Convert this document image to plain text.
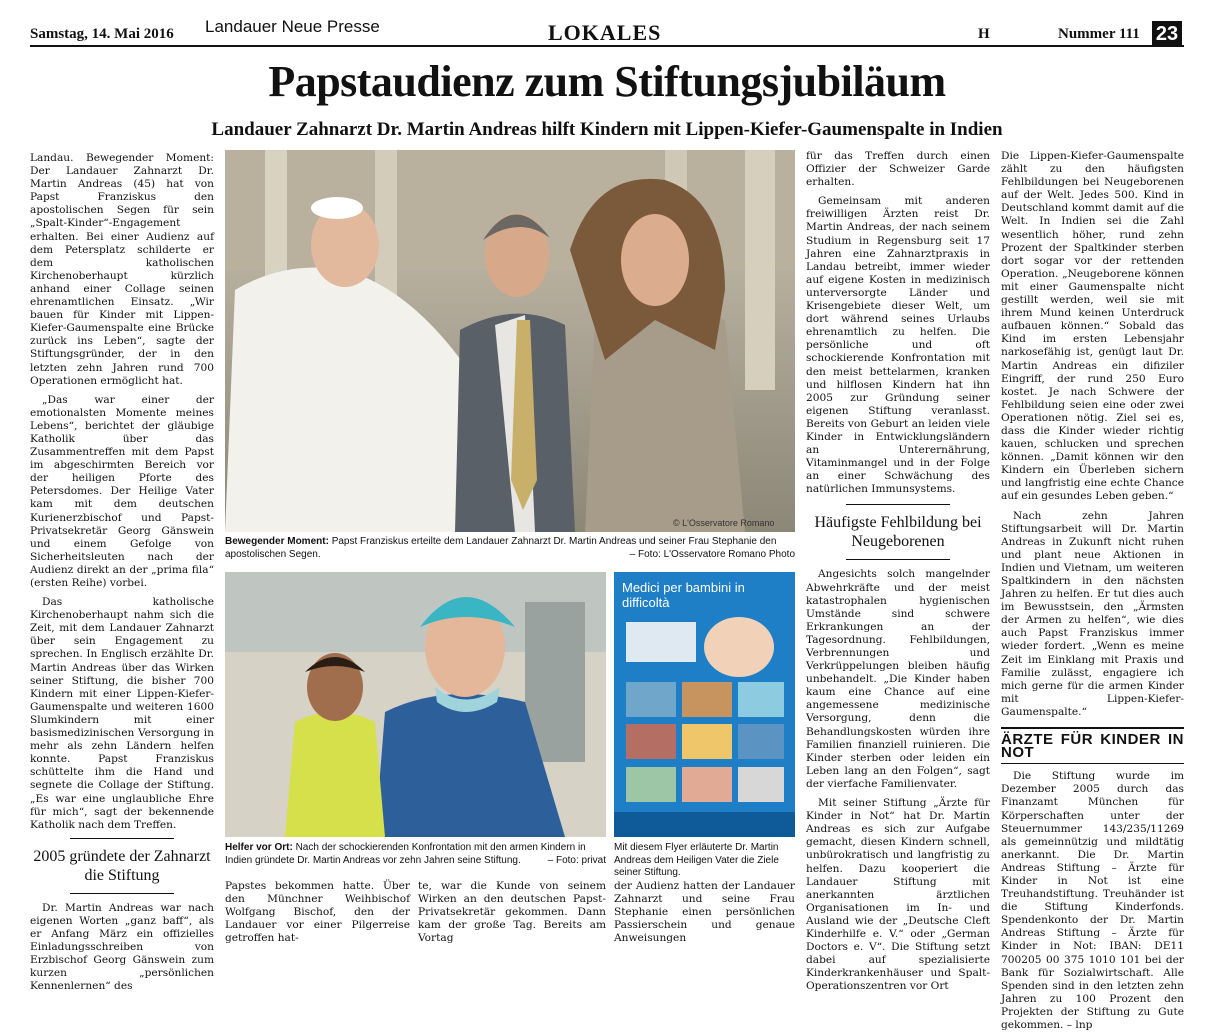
Samstag, 14. Mai 2016 Landauer Neue Presse	LOKALES	H	Nummer 111 23
Papstaudienz zum Stiftungsjubiläum
Landauer Zahnarzt Dr. Martin Andreas hilft Kindern mit Lippen-Kiefer-Gaumenspalte in Indien

Landau. Bewegender Moment: Der Landauer Zahnarzt Dr. Martin Andreas (45) hat von Papst Franziskus den apostolischen Segen für sein „Spalt-Kinder“-Engagement erhalten. Bei einer Audienz auf dem Petersplatz schilderte er dem katholischen Kirchenoberhaupt kürzlich anhand einer Collage seinen ehrenamtlichen Einsatz. „Wir bauen für Kinder mit Lippen-Kiefer-Gaumenspalte eine Brücke zurück ins Leben“, sagte der Stiftungsgründer, der in den letzten zehn Jahren rund 700 Operationen ermöglicht hat.

„Das war einer der emotionalsten Momente meines Lebens“, berichtet der gläubige Katholik über das Zusammentreffen mit dem Papst im abgeschirmten Bereich vor der heiligen Pforte des Petersdomes. Der Heilige Vater kam mit dem deutschen Kurienerzbischof und Papst-Privatsekretär Georg Gänswein und einem Gefolge von Sicherheitsleuten nach der Audienz direkt an der „prima fila“ (ersten Reihe) vorbei.

Das katholische Kirchenoberhaupt nahm sich die Zeit, mit dem Landauer Zahnarzt über sein Engagement zu sprechen. In Englisch erzählte Dr. Martin Andreas über das Wirken seiner Stiftung, die bisher 700 Kindern mit einer Lippen-Kiefer-Gaumenspalte und weiteren 1600 Slumkindern mit einer basismedizinischen Versorgung in mehr als zehn Ländern helfen konnte. Papst Franziskus schüttelte ihm die Hand und segnete die Collage der Stiftung. „Es war eine unglaubliche Ehre für mich“, sagt der bekennende Katholik nach dem Treffen.

2005 gründete der Zahnarzt die Stiftung

Dr. Martin Andreas war nach eigenen Worten „ganz baff“, als er Anfang März ein offizielles Einladungsschreiben von Erzbischof Georg Gänswein zum kurzen „persönlichen Kennenlernen“ des

© L'Osservatore Romano
Bewegender Moment: Papst Franziskus erteilte dem Landauer Zahnarzt Dr. Martin Andreas und seiner Frau Stephanie den apostolischen Segen.	– Foto: L'Osservatore Romano Photo
Helfer vor Ort: Nach der schockierenden Konfrontation mit den armen Kindern in Indien gründete Dr. Martin Andreas vor zehn Jahren seine Stiftung.	– Foto: privat
Medici per bambini in difficoltà
Mit diesem Flyer erläuterte Dr. Martin Andreas dem Heiligen Vater die Ziele seiner Stiftung.

Papstes bekommen hatte. Über den Münchner Weihbischof Wolfgang Bischof, den der Landauer vor einer Pilgerreise getroffen hat-

te, war die Kunde von seinem Wirken an den deutschen Papst-Privatsekretär gekommen. Dann kam der große Tag. Bereits am Vortag

der Audienz hatten der Landauer Zahnarzt und seine Frau Stephanie einen persönlichen Passierschein und genaue Anweisungen

für das Treffen durch einen Offizier der Schweizer Garde erhalten.

Gemeinsam mit anderen freiwilligen Ärzten reist Dr. Martin Andreas, der nach seinem Studium in Regensburg seit 17 Jahren eine Zahnarztpraxis in Landau betreibt, immer wieder auf eigene Kosten in medizinisch unterversorgte Länder und Krisengebiete dieser Welt, um dort während seines Urlaubs ehrenamtlich zu helfen. Die persönliche und oft schockierende Konfrontation mit den meist bettelarmen, kranken und hilflosen Kindern hat ihn 2005 zur Gründung seiner eigenen Stiftung veranlasst. Bereits von Geburt an leiden viele Kinder in Entwicklungsländern an Unterernährung, Vitaminmangel und in der Folge an einer Schwächung des natürlichen Immunsystems.

Häufigste Fehlbildung bei Neugeborenen

Angesichts solch mangelnder Abwehrkräfte und der meist katastrophalen hygienischen Umstände sind schwere Erkrankungen an der Tagesordnung. Fehlbildungen, Verbrennungen und Verkrüppelungen bleiben häufig unbehandelt. „Die Kinder haben kaum eine Chance auf eine angemessene medizinische Versorgung, denn die Behandlungskosten würden ihre Familien finanziell ruinieren. Die Kinder sterben oder leiden ein Leben lang an den Folgen“, sagt der vierfache Familienvater.

Mit seiner Stiftung „Ärzte für Kinder in Not“ hat Dr. Martin Andreas es sich zur Aufgabe gemacht, diesen Kindern schnell, unbürokratisch und langfristig zu helfen. Dazu kooperiert die Landauer Stiftung mit anerkannten ärztlichen Organisationen im In- und Ausland wie der „Deutsche Cleft Kinderhilfe e. V.“ oder „German Doctors e. V“. Die Stiftung setzt dabei auf spezialisierte Kinderkrankenhäuser und Spalt-Operationszentren vor Ort

Die Lippen-Kiefer-Gaumenspalte zählt zu den häufigsten Fehlbildungen bei Neugeborenen auf der Welt. Jedes 500. Kind in Deutschland kommt damit auf die Welt. In Indien sei die Zahl wesentlich höher, rund zehn Prozent der Spaltkinder sterben dort sogar vor der rettenden Operation. „Neugeborene können mit einer Gaumenspalte nicht gestillt werden, weil sie mit ihrem Mund keinen Unterdruck aufbauen können.“ Sobald das Kind im ersten Lebensjahr narkosefähig ist, genügt laut Dr. Martin Andreas ein difiziler Eingriff, der rund 250 Euro kostet. Je nach Schwere der Fehlbildung seien eine oder zwei Operationen nötig. Ziel sei es, dass die Kinder wieder richtig kauen, schlucken und sprechen können. „Damit können wir den Kindern ein Überleben sichern und langfristig eine echte Chance auf ein gesundes Leben geben.“

Nach zehn Jahren Stiftungsarbeit will Dr. Martin Andreas in Zukunft nicht ruhen und plant neue Aktionen in Indien und Vietnam, um weiteren Spaltkindern in den nächsten Jahren zu helfen. Er tut dies auch im Bewusstsein, den „Ärmsten der Armen zu helfen“, wie dies auch Papst Franziskus immer wieder fordert. „Wenn es meine Zeit im Einklang mit Praxis und Familie zulässt, engagiere ich mich gerne für die armen Kinder mit Lippen-Kiefer-Gaumenspalte.“

ÄRZTE FÜR KINDER IN NOT

Die Stiftung wurde im Dezember 2005 durch das Finanzamt München für Körperschaften unter der Steuernummer 143/235/11269 als gemeinnützig und mildtätig anerkannt. Die Dr. Martin Andreas Stiftung – Ärzte für Kinder in Not ist eine Treuhandstiftung. Treuhänder ist die Stiftung Kinderfonds. Spendenkonto der Dr. Martin Andreas Stiftung – Ärzte für Kinder in Not: IBAN: DE11 700205 00 375 1010 101 bei der Bank für Sozialwirtschaft. Alle Spenden sind in den letzten zehn Jahren zu 100 Prozent den Projekten der Stiftung zu Gute gekommen. – lnp
